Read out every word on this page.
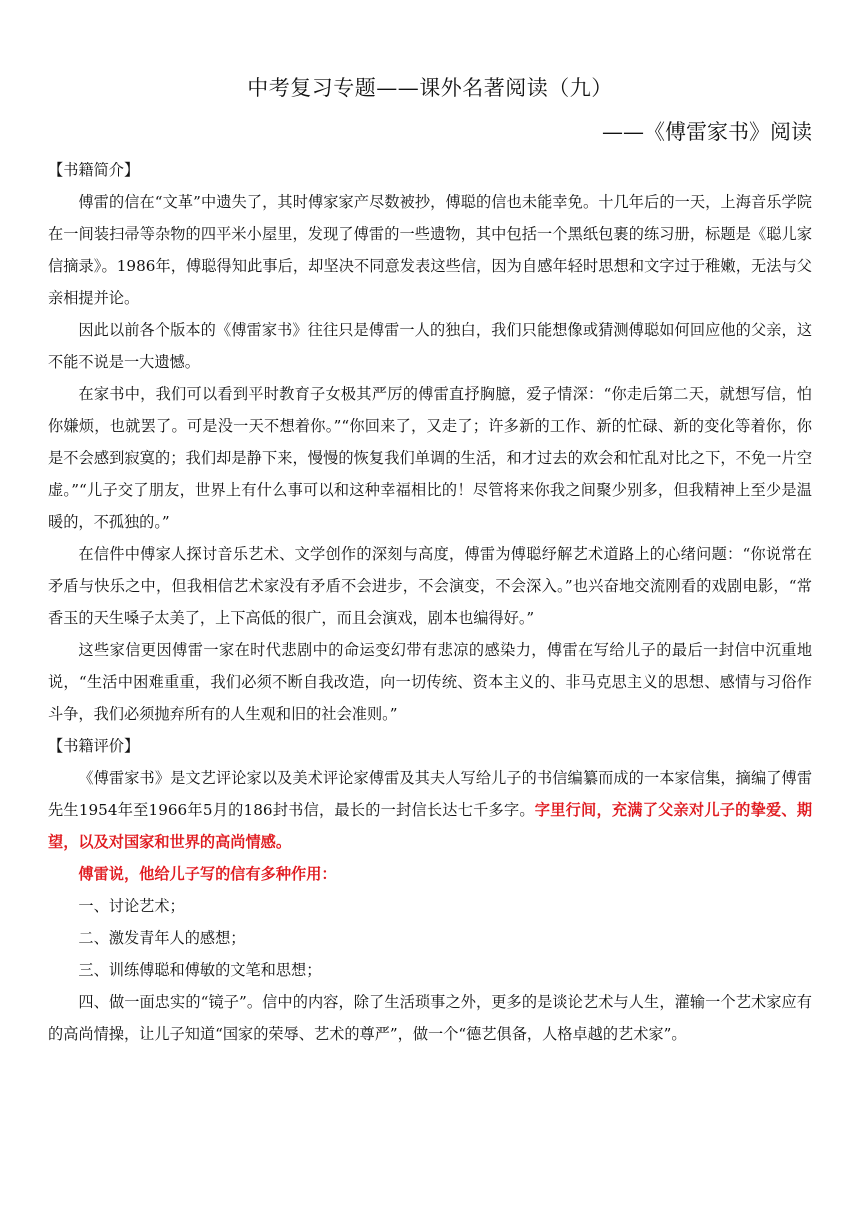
中考复习专题——课外名著阅读（九）
——《傅雷家书》阅读

【书籍简介】

傅雷的信在“文革”中遗失了，其时傅家家产尽数被抄，傅聪的信也未能幸免。十几年后的一天，上海音乐学院在一间装扫帚等杂物的四平米小屋里，发现了傅雷的一些遗物，其中包括一个黑纸包裹的练习册，标题是《聪儿家信摘录》。1986年，傅聪得知此事后，却坚决不同意发表这些信，因为自感年轻时思想和文字过于稚嫩，无法与父亲相提并论。

因此以前各个版本的《傅雷家书》往往只是傅雷一人的独白，我们只能想像或猜测傅聪如何回应他的父亲，这不能不说是一大遗憾。

在家书中，我们可以看到平时教育子女极其严厉的傅雷直抒胸臆，爱子情深：“你走后第二天，就想写信，怕你嫌烦，也就罢了。可是没一天不想着你。”“你回来了，又走了；许多新的工作、新的忙碌、新的变化等着你，你是不会感到寂寞的；我们却是静下来，慢慢的恢复我们单调的生活，和才过去的欢会和忙乱对比之下，不免一片空虚。”“儿子交了朋友，世界上有什么事可以和这种幸福相比的！尽管将来你我之间聚少别多，但我精神上至少是温暖的，不孤独的。”

在信件中傅家人探讨音乐艺术、文学创作的深刻与高度，傅雷为傅聪纾解艺术道路上的心绪问题：“你说常在矛盾与快乐之中，但我相信艺术家没有矛盾不会进步，不会演变，不会深入。”也兴奋地交流刚看的戏剧电影，“常香玉的天生嗓子太美了，上下高低的很广，而且会演戏，剧本也编得好。”

这些家信更因傅雷一家在时代悲剧中的命运变幻带有悲凉的感染力，傅雷在写给儿子的最后一封信中沉重地说，“生活中困难重重，我们必须不断自我改造，向一切传统、资本主义的、非马克思主义的思想、感情与习俗作斗争，我们必须抛弃所有的人生观和旧的社会准则。”

【书籍评价】

《傅雷家书》是文艺评论家以及美术评论家傅雷及其夫人写给儿子的书信编纂而成的一本家信集，摘编了傅雷先生1954年至1966年5月的186封书信，最长的一封信长达七千多字。字里行间，充满了父亲对儿子的挚爱、期望，以及对国家和世界的高尚情感。

傅雷说，他给儿子写的信有多种作用：

一、讨论艺术；

二、激发青年人的感想；

三、训练傅聪和傅敏的文笔和思想；

四、做一面忠实的“镜子”。信中的内容，除了生活琐事之外，更多的是谈论艺术与人生，灌输一个艺术家应有的高尚情操，让儿子知道“国家的荣辱、艺术的尊严”，做一个“德艺俱备，人格卓越的艺术家”。
